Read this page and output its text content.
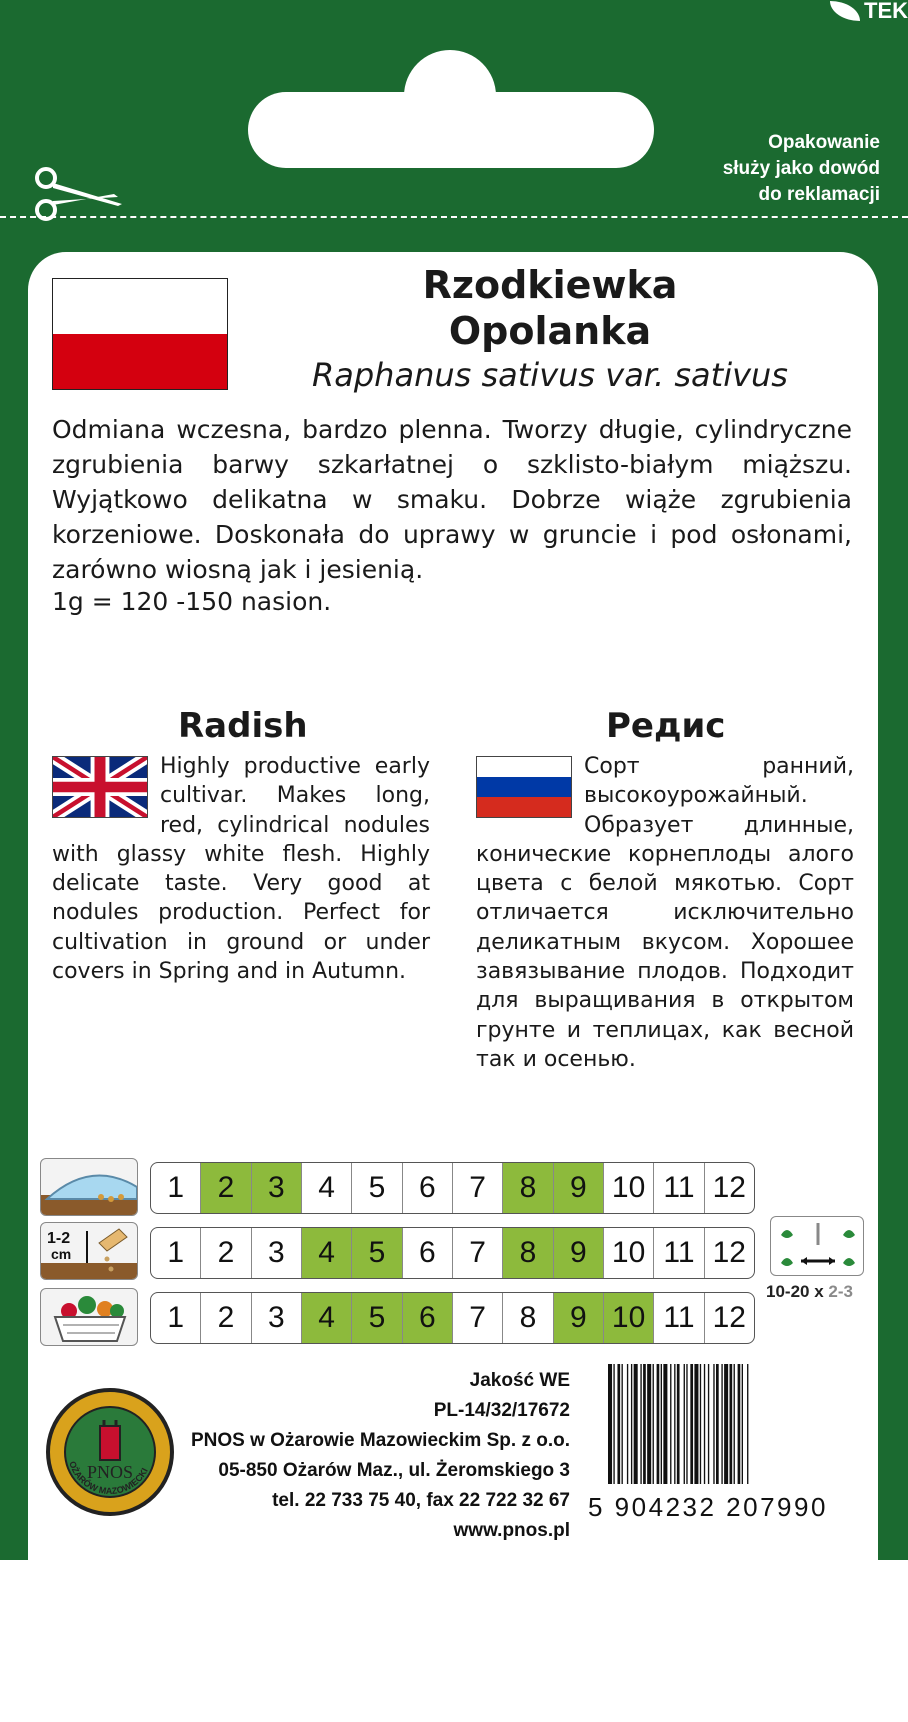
TEK
Opakowanie
służy jako dowód
do reklamacji
Rzodkiewka
Opolanka
Raphanus sativus var. sativus
Odmiana wczesna, bardzo plenna. Tworzy długie, cylindryczne zgrubienia barwy szkarłatnej o szklisto-białym miąższu. Wyjątkowo delikatna w smaku. Dobrze wiąże zgrubienia korzeniowe. Doskonała do uprawy w gruncie i pod osłonami, zarówno wiosną jak i jesienią.
1g = 120 -150 nasion.
Radish
Highly productive early cultivar. Makes long, red, cylindrical nodules with glassy white flesh. Highly delicate taste. Very good at nodules production. Perfect for cultivation in ground or under covers in Spring and in Autumn.
Редис
Сорт ранний, высокоурожайный. Образует длинные, коничеcкие корнеплоды алого цвета с белой мякотью. Сорт отличается исключительно деликатным вкусом. Хорошее завязывание плодов. Подходит для выращивания в открытом грунте и теплицах, как весной так и осенью.
1-2
cm
1	2	3	4	5	6	7	8	9 10 11 12
1	2	3	4	5	6	7	8	9 10 11 12
1	2	3	4	5	6	7	8	9 10 11 12
10-20 x 2-3
PNOS
OŻARÓW MAZOWIECKI
Jakość WE
PL-14/32/17672
PNOS w Ożarowie Mazowieckim Sp. z o.o.
05-850 Ożarów Maz., ul. Żeromskiego 3
tel. 22 733 75 40, fax 22 722 32 67
www.pnos.pl
5 904232 207990
